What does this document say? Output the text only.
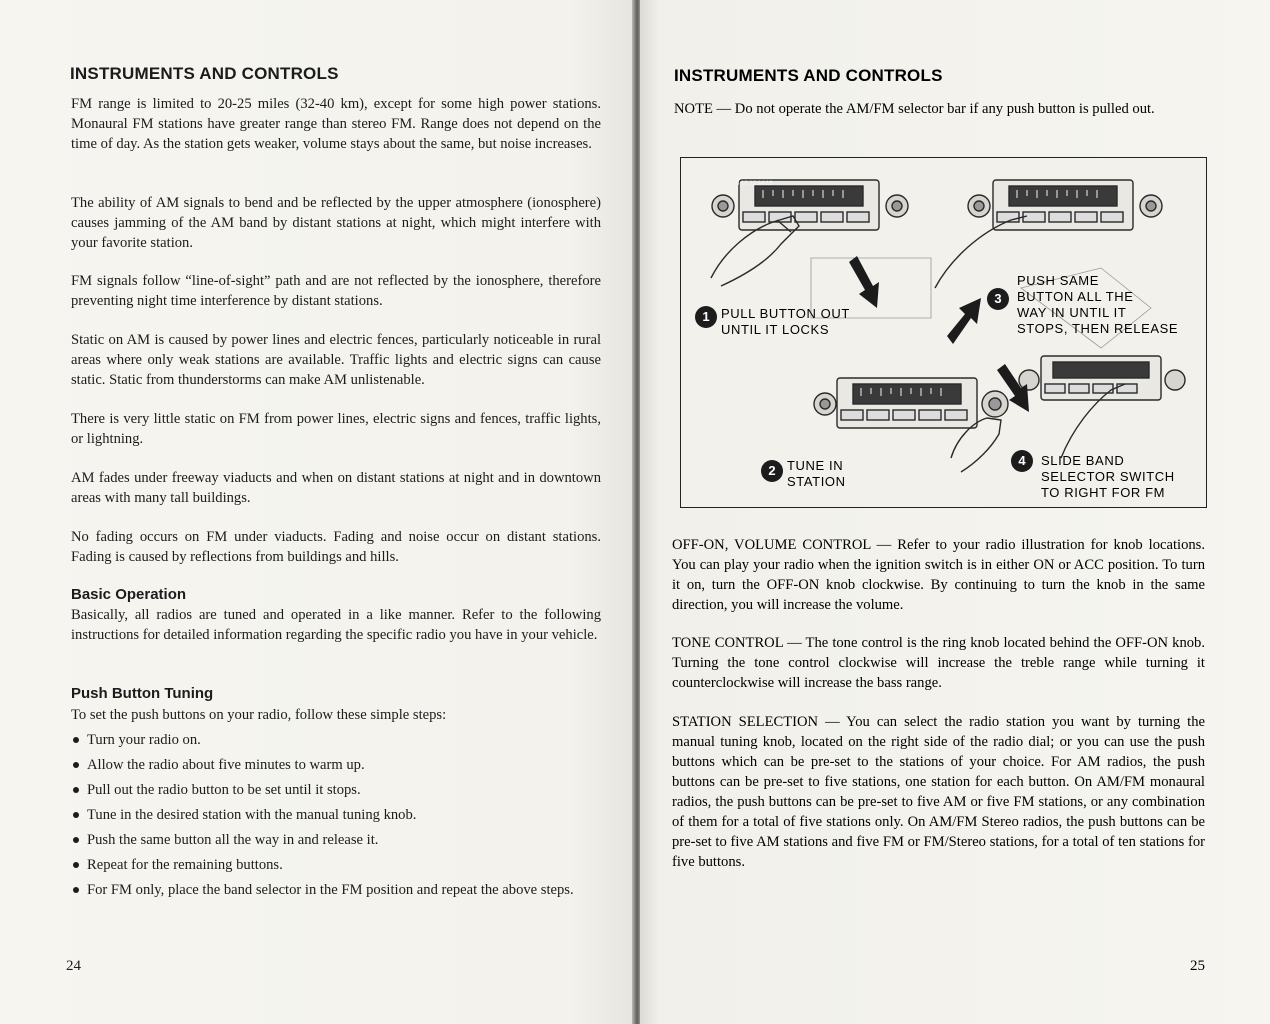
INSTRUMENTS AND CONTROLS

FM range is limited to 20-25 miles (32-40 km), except for some high power stations. Monaural FM stations have greater range than stereo FM. Range does not depend on the time of day. As the station gets weaker, volume stays about the same, but noise increases.

The ability of AM signals to bend and be reflected by the upper atmosphere (ionosphere) causes jamming of the AM band by distant stations at night, which might interfere with your favorite station.

FM signals follow “line-of-sight” path and are not reflected by the ionosphere, therefore preventing night time interference by distant stations.

Static on AM is caused by power lines and electric fences, particularly noticeable in rural areas where only weak stations are available. Traffic lights and electric signs can cause static. Static from thunderstorms can make AM unlistenable.

There is very little static on FM from power lines, electric signs and fences, traffic lights, or lightning.

AM fades under freeway viaducts and when on distant stations at night and in downtown areas with many tall buildings.

No fading occurs on FM under viaducts. Fading and noise occur on distant stations. Fading is caused by reflections from buildings and hills.

Basic Operation

Basically, all radios are tuned and operated in a like manner. Refer to the following instructions for detailed information regarding the specific radio you have in your vehicle.

Push Button Tuning

To set the push buttons on your radio, follow these simple steps:

Turn your radio on.
Allow the radio about five minutes to warm up.
Pull out the radio button to be set until it stops.
Tune in the desired station with the manual tuning knob.
Push the same button all the way in and release it.
Repeat for the remaining buttons.
For FM only, place the band selector in the FM position and repeat the above steps.

24

INSTRUMENTS AND CONTROLS

NOTE — Do not operate the AM/FM selector bar if any push button is pulled out.

5 6 7 8 10 12 14 16
1 PULL BUTTON OUT
UNTIL IT LOCKS

2 TUNE IN
STATION

3

PUSH SAME
BUTTON ALL THE
WAY IN UNTIL IT
STOPS, THEN RELEASE

4	SLIDE BAND
SELECTOR SWITCH
TO RIGHT FOR FM

OFF-ON, VOLUME CONTROL — Refer to your radio illustration for knob locations. You can play your radio when the ignition switch is in either ON or ACC position. To turn it on, turn the OFF-ON knob clockwise. By continuing to turn the knob in the same direction, you will increase the volume.

TONE CONTROL — The tone control is the ring knob located behind the OFF-ON knob. Turning the tone control clockwise will increase the treble range while turning it counterclockwise will increase the bass range.

STATION SELECTION — You can select the radio station you want by turning the manual tuning knob, located on the right side of the radio dial; or you can use the push buttons which can be pre-set to the stations of your choice. For AM radios, the push buttons can be pre-set to five stations, one station for each button. On AM/FM monaural radios, the push buttons can be pre-set to five AM or five FM stations, or any combination of them for a total of five stations only. On AM/FM Stereo radios, the push buttons can be pre-set to five AM stations and five FM or FM/Stereo stations, for a total of ten stations for five buttons.

25
